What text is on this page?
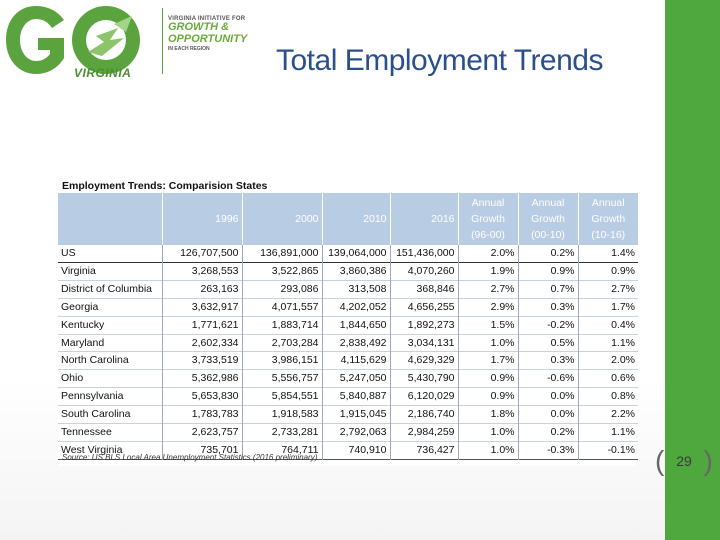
VIRGINIA
VIRGINIA INITIATIVE FOR
GROWTH &
OPPORTUNITY
IN EACH REGION	Total Employment Trends
Employment Trends: Comparision States
	1996	2000	2010	2016	Annual Growth (96-00)	Annual Growth (00-10)	Annual Growth (10-16)
US	126,707,500	136,891,000	139,064,000	151,436,000	2.0%	0.2%	1.4%
Virginia	3,268,553	3,522,865	3,860,386	4,070,260	1.9%	0.9%	0.9%
District of Columbia	263,163	293,086	313,508	368,846	2.7%	0.7%	2.7%
Georgia	3,632,917	4,071,557	4,202,052	4,656,255	2.9%	0.3%	1.7%
Kentucky	1,771,621	1,883,714	1,844,650	1,892,273	1.5%	-0.2%	0.4%
Maryland	2,602,334	2,703,284	2,838,492	3,034,131	1.0%	0.5%	1.1%
North Carolina	3,733,519	3,986,151	4,115,629	4,629,329	1.7%	0.3%	2.0%
Ohio	5,362,986	5,556,757	5,247,050	5,430,790	0.9%	-0.6%	0.6%
Pennsylvania	5,653,830	5,854,551	5,840,887	6,120,029	0.9%	0.0%	0.8%
South Carolina	1,783,783	1,918,583	1,915,045	2,186,740	1.8%	0.0%	2.2%
Tennessee	2,623,757	2,733,281	2,792,063	2,984,259	1.0%	0.2%	1.1%
West Virginia	735,701	764,711	740,910	736,427	1.0%	-0.3%	-0.1%
Source: US BLS Local Area Unemployment Statistics (2016 preliminary)	( 29 )
